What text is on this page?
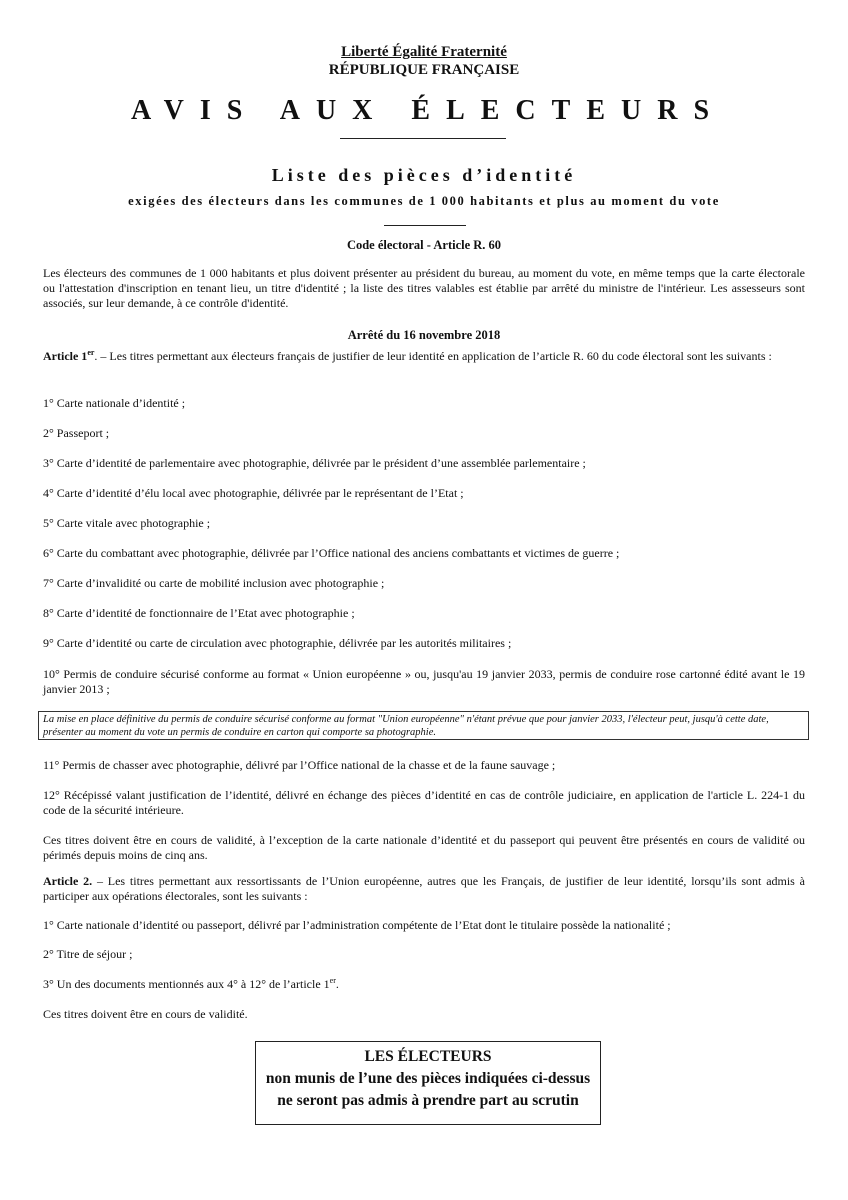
Liberté Égalité Fraternité
RÉPUBLIQUE FRANÇAISE
AVIS AUX ÉLECTEURS
Liste des pièces d’identité
exigées des électeurs dans les communes de 1 000 habitants et plus au moment du vote
Code électoral - Article R. 60
Les électeurs des communes de 1 000 habitants et plus doivent présenter au président du bureau, au moment du vote, en même temps que la carte électorale ou l'attestation d'inscription en tenant lieu, un titre d'identité ; la liste des titres valables est établie par arrêté du ministre de l'intérieur. Les assesseurs sont associés, sur leur demande, à ce contrôle d'identité.
Arrêté du 16 novembre 2018
Article 1er. – Les titres permettant aux électeurs français de justifier de leur identité en application de l’article R. 60 du code électoral sont les suivants :
1° Carte nationale d’identité ;
2° Passeport ;
3° Carte d’identité de parlementaire avec photographie, délivrée par le président d’une assemblée parlementaire ;
4° Carte d’identité d’élu local avec photographie, délivrée par le représentant de l’Etat ;
5° Carte vitale avec photographie ;
6° Carte du combattant avec photographie, délivrée par l’Office national des anciens combattants et victimes de guerre ;
7° Carte d’invalidité ou carte de mobilité inclusion avec photographie ;
8° Carte d’identité de fonctionnaire de l’Etat avec photographie ;
9° Carte d’identité ou carte de circulation avec photographie, délivrée par les autorités militaires ;
10° Permis de conduire sécurisé conforme au format « Union européenne » ou, jusqu'au 19 janvier 2033, permis de conduire rose cartonné édité avant le 19 janvier 2013 ;
La mise en place définitive du permis de conduire sécurisé conforme au format "Union européenne" n'étant prévue que pour janvier 2033, l'électeur peut, jusqu'à cette date, présenter au moment du vote un permis de conduire en carton qui comporte sa photographie.
11° Permis de chasser avec photographie, délivré par l’Office national de la chasse et de la faune sauvage ;
12° Récépissé valant justification de l’identité, délivré en échange des pièces d’identité en cas de contrôle judiciaire, en application de l'article L. 224-1 du code de la sécurité intérieure.
Ces titres doivent être en cours de validité, à l’exception de la carte nationale d’identité et du passeport qui peuvent être présentés en cours de validité ou périmés depuis moins de cinq ans.
Article 2. – Les titres permettant aux ressortissants de l’Union européenne, autres que les Français, de justifier de leur identité, lorsqu’ils sont admis à participer aux opérations électorales, sont les suivants :
1° Carte nationale d’identité ou passeport, délivré par l’administration compétente de l’Etat dont le titulaire possède la nationalité ;
2° Titre de séjour ;
3° Un des documents mentionnés aux 4° à 12° de l’article 1er.
Ces titres doivent être en cours de validité.
LES ÉLECTEURS
non munis de l’une des pièces indiquées ci-dessus
ne seront pas admis à prendre part au scrutin
